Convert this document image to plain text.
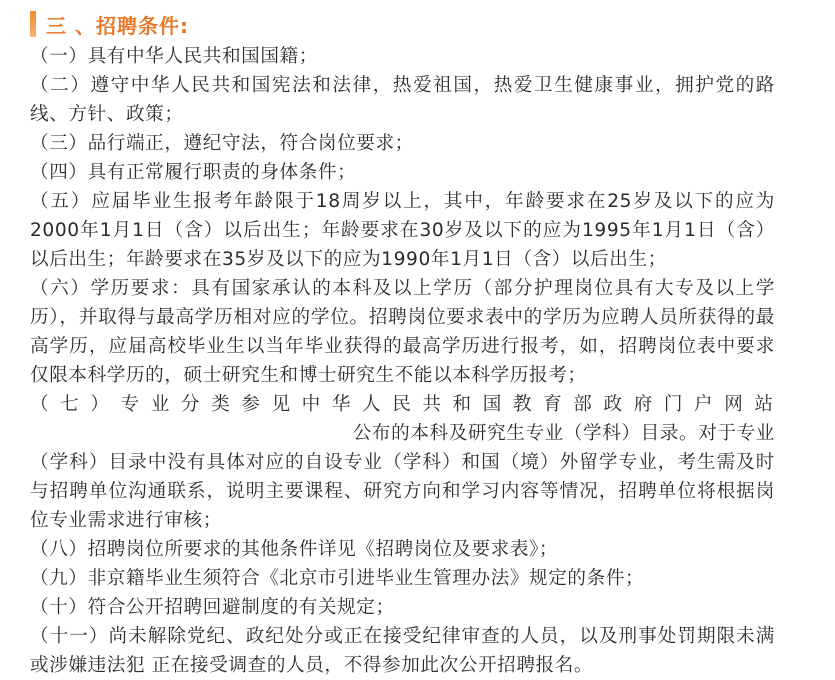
三 、招聘条件:

（一）具有中华人民共和国国籍；

（二）遵守中华人民共和国宪法和法律，热爱祖国，热爱卫生健康事业，拥护党的路线、方针、政策；

（三）品行端正，遵纪守法，符合岗位要求；

（四）具有正常履行职责的身体条件；

（五）应届毕业生报考年龄限于18周岁以上，其中，年龄要求在25岁及以下的应为2000年1月1日（含）以后出生；年龄要求在30岁及以下的应为1995年1月1日（含）以后出生；年龄要求在35岁及以下的应为1990年1月1日（含）以后出生；

（六）学历要求：具有国家承认的本科及以上学历（部分护理岗位具有大专及以上学历），并取得与最高学历相对应的学位。招聘岗位要求表中的学历为应聘人员所获得的最高学历，应届高校毕业生以当年毕业获得的最高学历进行报考，如，招聘岗位表中要求仅限本科学历的，硕士研究生和博士研究生不能以本科学历报考；

（七）专业分类参见中华人民共和国教育部政府门户网站

公布的本科及研究生专业（学科）目录。对于专业

（学科）目录中没有具体对应的自设专业（学科）和国（境）外留学专业，考生需及时与招聘单位沟通联系，说明主要课程、研究方向和学习内容等情况，招聘单位将根据岗位专业需求进行审核；

（八）招聘岗位所要求的其他条件详见《招聘岗位及要求表》；

（九）非京籍毕业生须符合《北京市引进毕业生管理办法》规定的条件；

（十）符合公开招聘回避制度的有关规定；

（十一）尚未解除党纪、政纪处分或正在接受纪律审查的人员，以及刑事处罚期限未满或涉嫌违法犯 正在接受调查的人员，不得参加此次公开招聘报名。
